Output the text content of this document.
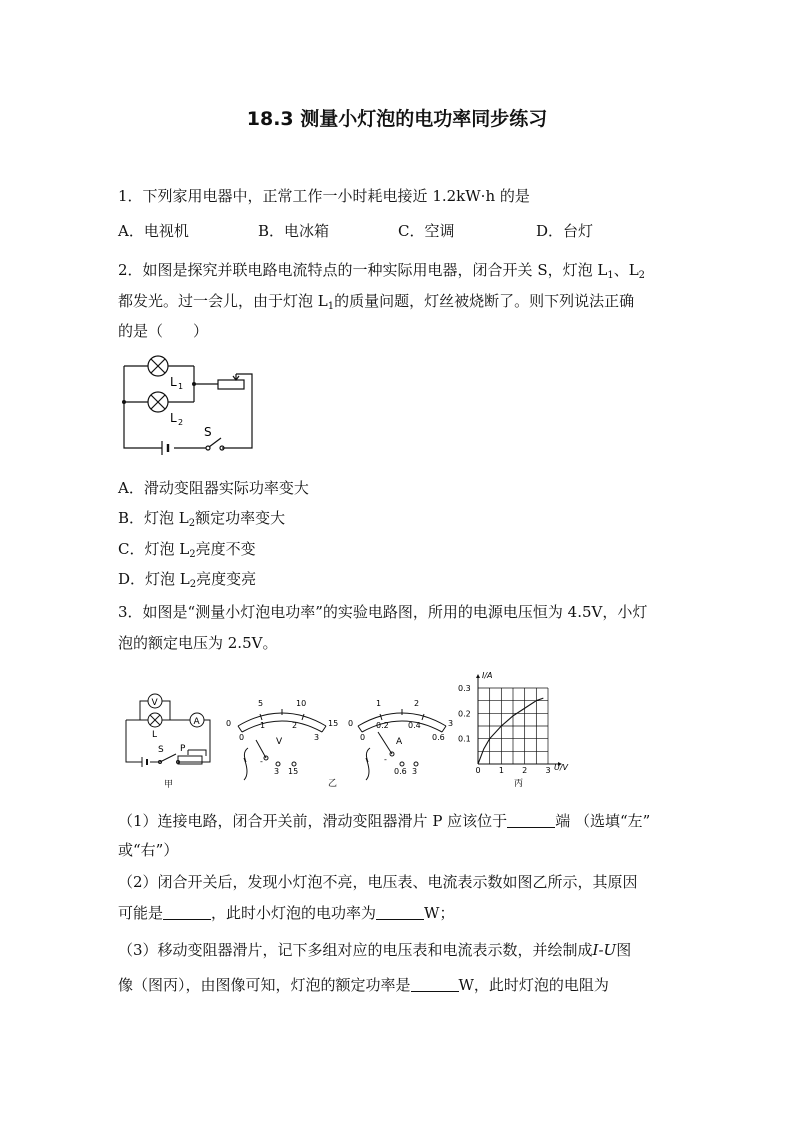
18.3 测量小灯泡的电功率同步练习
1．下列家用电器中，正常工作一小时耗电接近 1.2kW·h 的是
A．电视机	B．电冰箱	C．空调	D．台灯
2．如图是探究并联电路电流特点的一种实际用电器，闭合开关 S，灯泡 $L_1$、$L_2$
都发光。过一会儿，由于灯泡 $L_1$的质量问题，灯丝被烧断了。则下列说法正确
的是（　　）
L 1
L 2
S
A．滑动变阻器实际功率变大
B．灯泡 $L_2$额定功率变大
C．灯泡 $L_2$亮度不变
D．灯泡 $L_2$亮度变亮
3．如图是“测量小灯泡电功率”的实验电路图，所用的电源电压恒为 4.5V，小灯
泡的额定电压为 2.5V。
V
A
L
S P
甲
5	10
0	15
0
1	2
3
V
-
3 15
乙
1	2
0	3
0
0.2 0.4
0.6
A
-
0.6 3	0 1 2 3
0.1
0.2
0.3
I/A
U/V
丙
（1）连接电路，闭合开关前，滑动变阻器滑片 P 应该位于	端 （选填“左”
或“右”）
（2）闭合开关后，发现小灯泡不亮，电压表、电流表示数如图乙所示，其原因
可能是	，此时小灯泡的电功率为	W；
（3）移动变阻器滑片，记下多组对应的电压表和电流表示数，并绘制成I-U图
像（图丙），由图像可知，灯泡的额定功率是	W，此时灯泡的电阻为
